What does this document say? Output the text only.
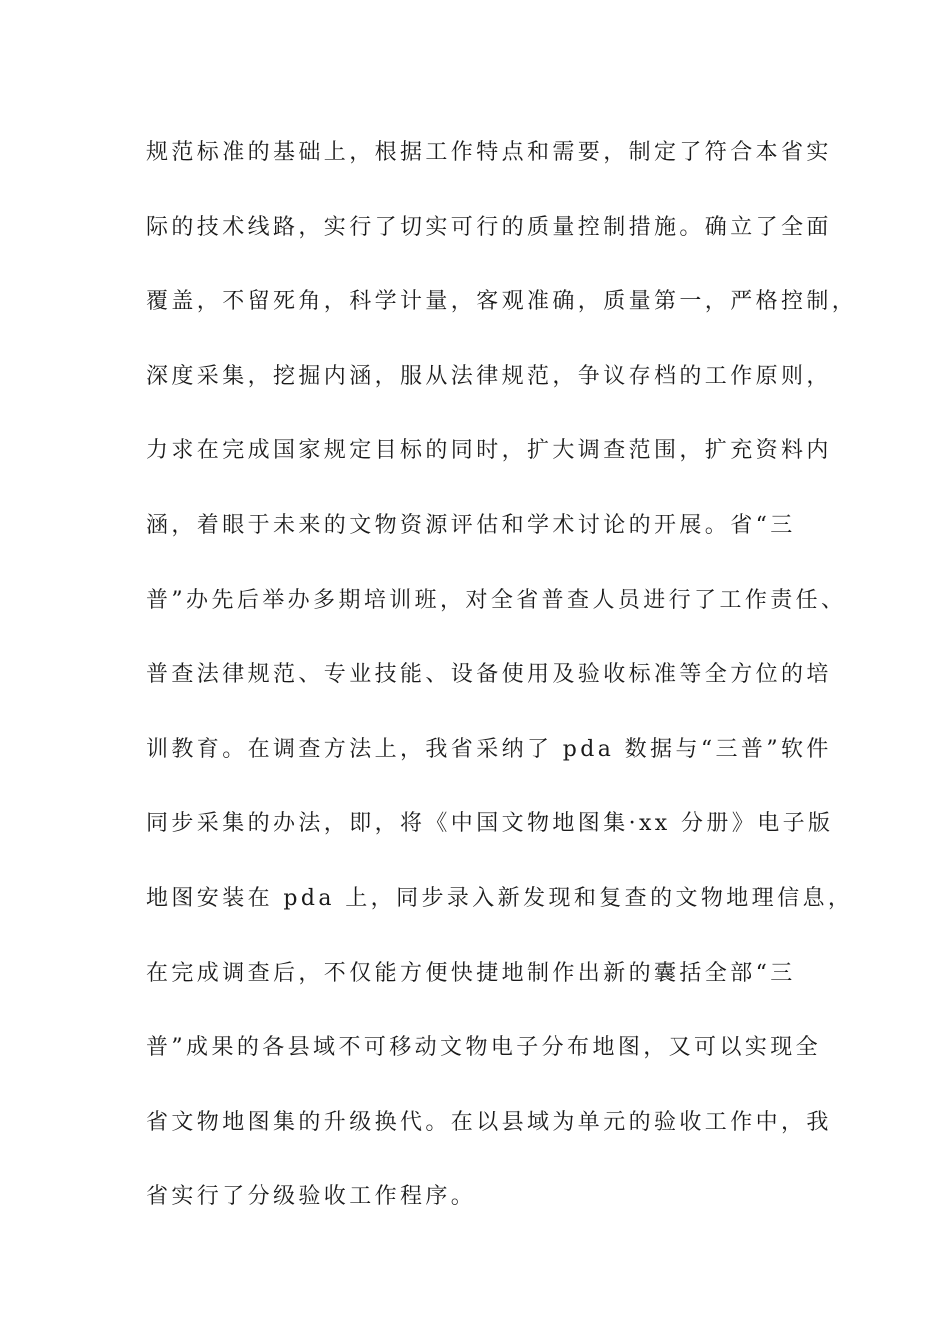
规范标准的基础上，根据工作特点和需要，制定了符合本省实
际的技术线路，实行了切实可行的质量控制措施。确立了全面
覆盖，不留死角，科学计量，客观准确，质量第一，严格控制，
深度采集，挖掘内涵，服从法律规范，争议存档的工作原则，
力求在完成国家规定目标的同时，扩大调查范围，扩充资料内
涵，着眼于未来的文物资源评估和学术讨论的开展。省“三
普”办先后举办多期培训班，对全省普查人员进行了工作责任、
普查法律规范、专业技能、设备使用及验收标准等全方位的培
训教育。在调查方法上，我省采纳了 pda 数据与“三普”软件
同步采集的办法，即，将《中国文物地图集·xx 分册》电子版
地图安装在 pda 上，同步录入新发现和复查的文物地理信息，
在完成调查后，不仅能方便快捷地制作出新的囊括全部“三
普”成果的各县域不可移动文物电子分布地图，又可以实现全
省文物地图集的升级换代。在以县域为单元的验收工作中，我
省实行了分级验收工作程序。
